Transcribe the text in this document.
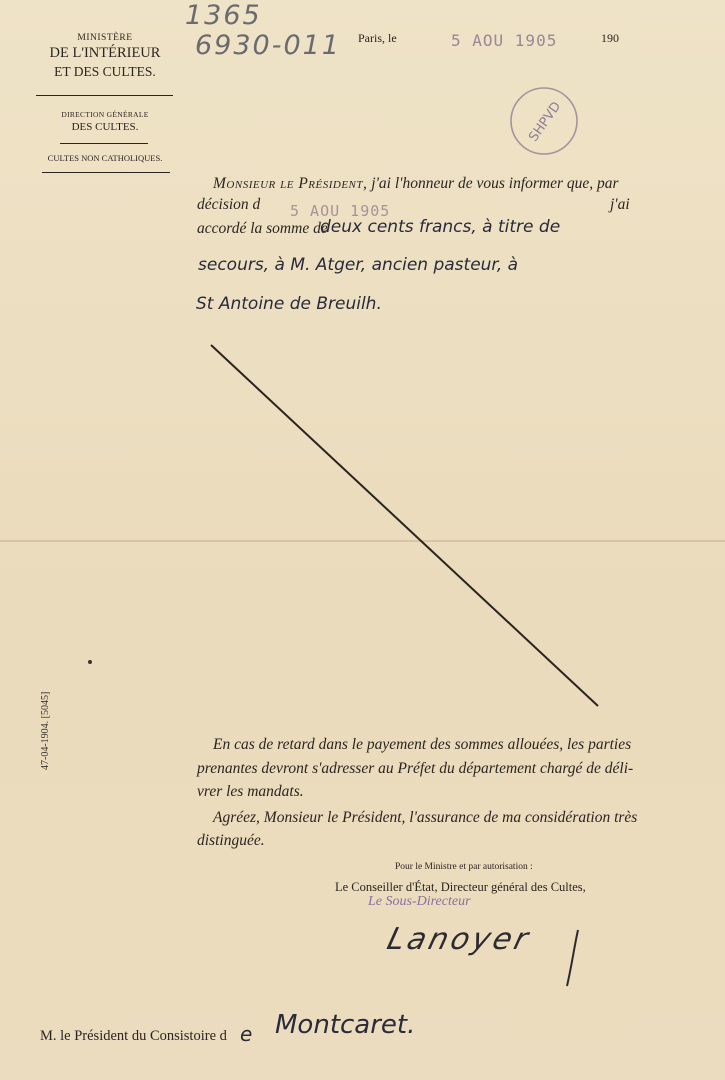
1365
6930-011
MINISTÈRE
DE L'INTÉRIEUR
ET DES CULTES.
DIRECTION GÉNÉRALE
DES CULTES.
CULTES NON CATHOLIQUES.
Paris, le	5 AOU 1905	190
SHPVD
Monsieur le Président, j'ai l'honneur de vous informer que, par
décision d 5 AOU 1905	j'ai
accordé la somme de
deux cents francs, à titre de
secours, à M. Atger, ancien pasteur, à
St Antoine de Breuilh.
En cas de retard dans le payement des sommes allouées, les parties
prenantes devront s'adresser au Préfet du département chargé de déli-
vrer les mandats.
Agréez, Monsieur le Président, l'assurance de ma considération très
distinguée.
Pour le Ministre et par autorisation :
Le Conseiller d'État, Directeur général des Cultes,
Le Sous-Directeur
Lanoyer
47-04-1904. [5045]
M. le Président du Consistoire d e Montcaret.
